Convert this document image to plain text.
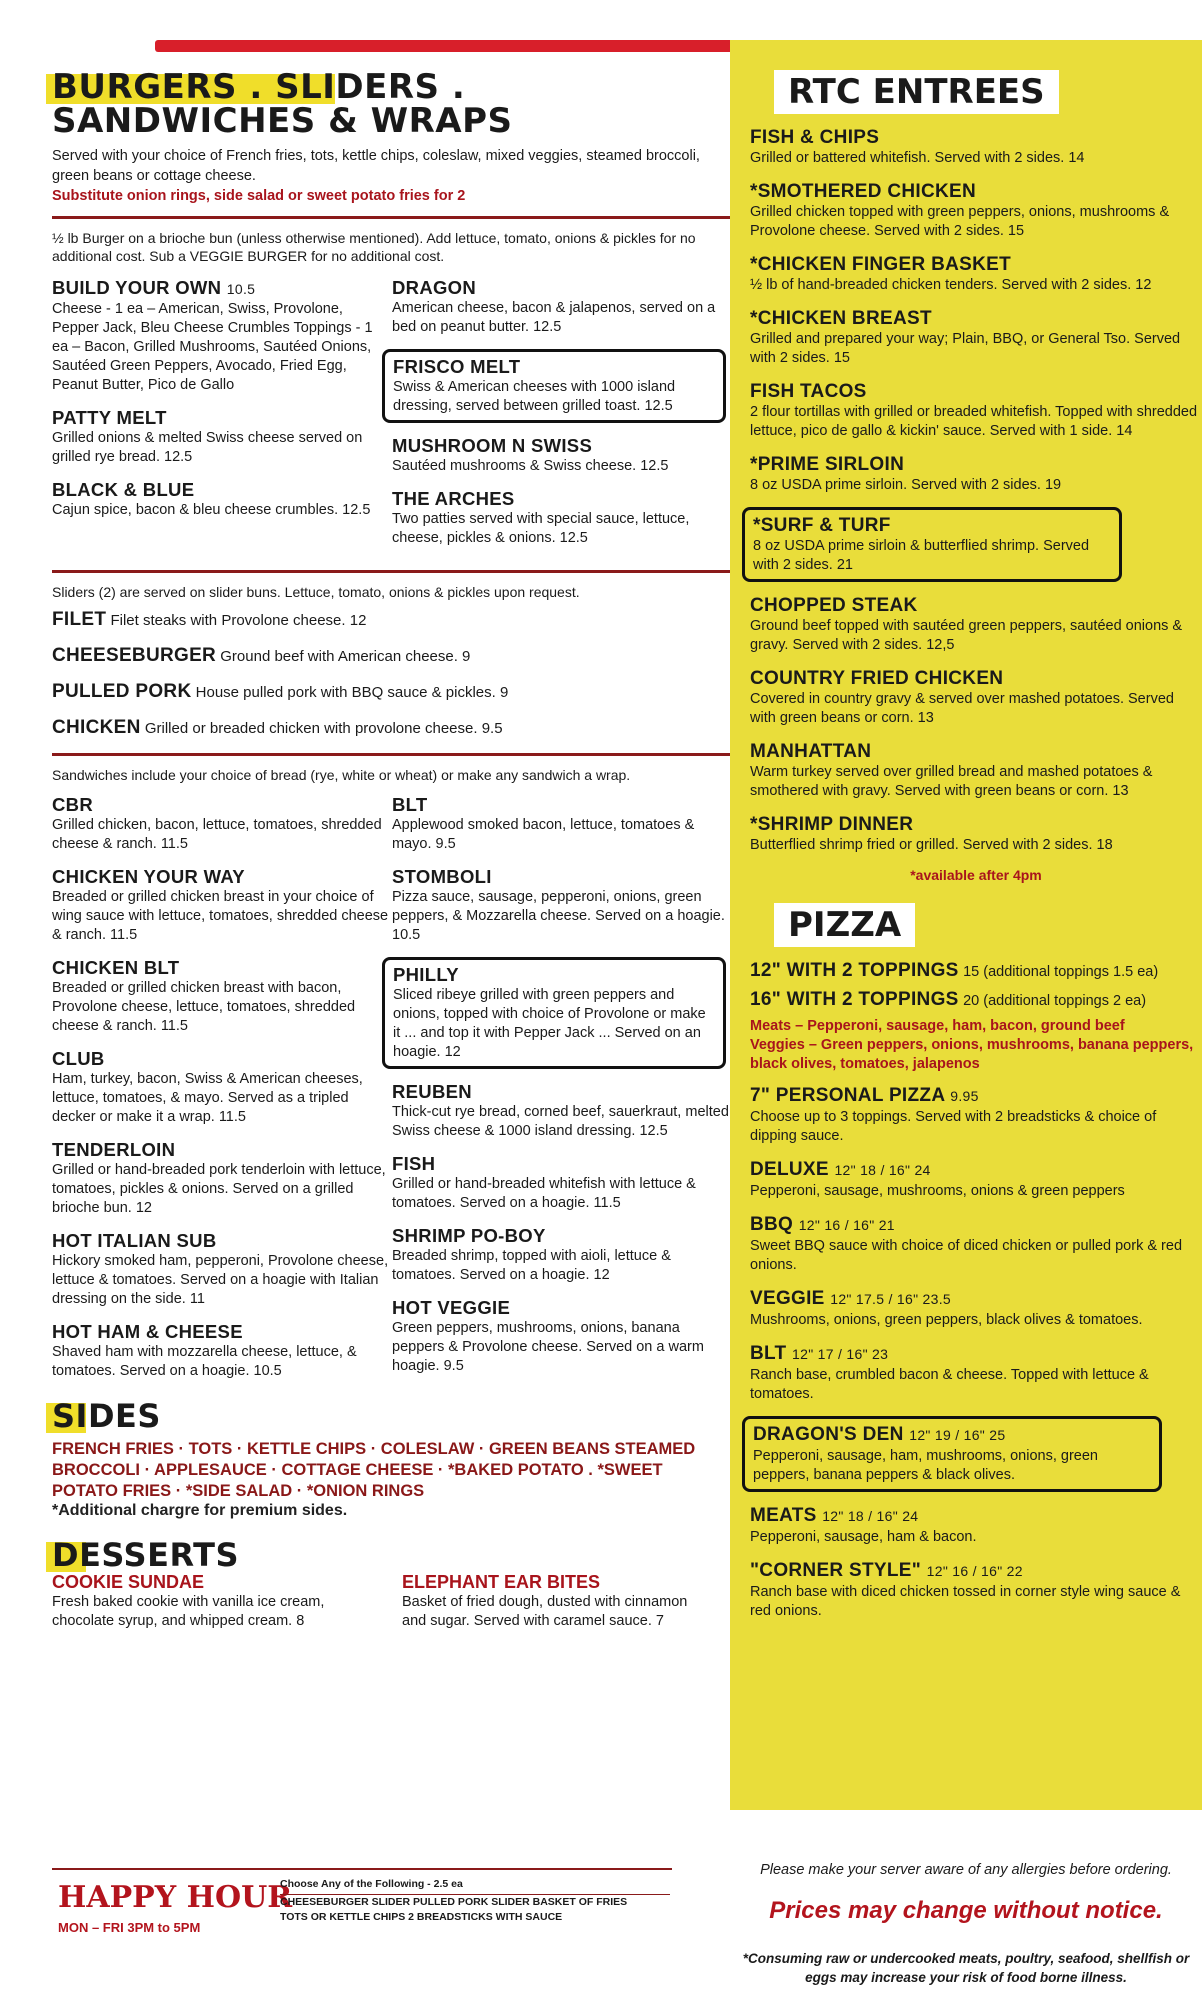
BURGERS . SLIDERS .
SANDWICHES & WRAPS

Served with your choice of French fries, tots, kettle chips, coleslaw, mixed veggies, steamed broccoli, green beans or cottage cheese.
Substitute onion rings, side salad or sweet potato fries for 2

½ lb Burger on a brioche bun (unless otherwise mentioned). Add lettuce, tomato, onions & pickles for no additional cost. Sub a VEGGIE BURGER for no additional cost.

BUILD YOUR OWN 10.5
Cheese - 1 ea – American, Swiss, Provolone, Pepper Jack, Bleu Cheese Crumbles Toppings - 1 ea – Bacon, Grilled Mushrooms, Sautéed Onions, Sautéed Green Peppers, Avocado, Fried Egg, Peanut Butter, Pico de Gallo
PATTY MELT
Grilled onions & melted Swiss cheese served on grilled rye bread. 12.5
BLACK & BLUE
Cajun spice, bacon & bleu cheese crumbles. 12.5
DRAGON
American cheese, bacon & jalapenos, served on a bed on peanut butter. 12.5
FRISCO MELT
Swiss & American cheeses with 1000 island dressing, served between grilled toast. 12.5
MUSHROOM N SWISS
Sautéed mushrooms & Swiss cheese. 12.5
THE ARCHES
Two patties served with special sauce, lettuce, cheese, pickles & onions. 12.5

Sliders (2) are served on slider buns. Lettuce, tomato, onions & pickles upon request.

FILET Filet steaks with Provolone cheese. 12
CHEESEBURGER Ground beef with American cheese. 9
PULLED PORK House pulled pork with BBQ sauce & pickles. 9
CHICKEN Grilled or breaded chicken with provolone cheese. 9.5

Sandwiches include your choice of bread (rye, white or wheat) or make any sandwich a wrap.

CBR
Grilled chicken, bacon, lettuce, tomatoes, shredded cheese & ranch. 11.5
CHICKEN YOUR WAY
Breaded or grilled chicken breast in your choice of wing sauce with lettuce, tomatoes, shredded cheese & ranch. 11.5
CHICKEN BLT
Breaded or grilled chicken breast with bacon, Provolone cheese, lettuce, tomatoes, shredded cheese & ranch. 11.5
CLUB
Ham, turkey, bacon, Swiss & American cheeses, lettuce, tomatoes, & mayo. Served as a tripled decker or make it a wrap. 11.5
TENDERLOIN
Grilled or hand-breaded pork tenderloin with lettuce, tomatoes, pickles & onions. Served on a grilled brioche bun. 12
HOT ITALIAN SUB
Hickory smoked ham, pepperoni, Provolone cheese, lettuce & tomatoes. Served on a hoagie with Italian dressing on the side. 11
HOT HAM & CHEESE
Shaved ham with mozzarella cheese, lettuce, & tomatoes. Served on a hoagie. 10.5
BLT
Applewood smoked bacon, lettuce, tomatoes & mayo. 9.5
STOMBOLI
Pizza sauce, sausage, pepperoni, onions, green peppers, & Mozzarella cheese. Served on a hoagie. 10.5
PHILLY
Sliced ribeye grilled with green peppers and onions, topped with choice of Provolone or make it ... and top it with Pepper Jack ... Served on an hoagie. 12
REUBEN
Thick-cut rye bread, corned beef, sauerkraut, melted Swiss cheese & 1000 island dressing. 12.5
FISH
Grilled or hand-breaded whitefish with lettuce & tomatoes. Served on a hoagie. 11.5
SHRIMP PO-BOY
Breaded shrimp, topped with aioli, lettuce & tomatoes. Served on a hoagie. 12
HOT VEGGIE
Green peppers, mushrooms, onions, banana peppers & Provolone cheese. Served on a warm hoagie. 9.5
SIDES
FRENCH FRIES · TOTS · KETTLE CHIPS · COLESLAW · GREEN BEANS STEAMED BROCCOLI · APPLESAUCE · COTTAGE CHEESE · *BAKED POTATO . *SWEET POTATO FRIES · *SIDE SALAD · *ONION RINGS
*Additional chargre for premium sides.
DESSERTS
COOKIE SUNDAE
Fresh baked cookie with vanilla ice cream, chocolate syrup, and whipped cream. 8
ELEPHANT EAR BITES
Basket of fried dough, dusted with cinnamon and sugar. Served with caramel sauce. 7
HAPPY HOUR
MON – FRI 3PM to 5PM
Choose Any of the Following - 2.5 ea
CHEESEBURGER SLIDER PULLED PORK SLIDER BASKET OF FRIES
TOTS OR KETTLE CHIPS 2 BREADSTICKS WITH SAUCE
RTC ENTREES
FISH & CHIPS
Grilled or battered whitefish. Served with 2 sides. 14
*SMOTHERED CHICKEN
Grilled chicken topped with green peppers, onions, mushrooms & Provolone cheese. Served with 2 sides. 15
*CHICKEN FINGER BASKET
½ lb of hand-breaded chicken tenders. Served with 2 sides. 12
*CHICKEN BREAST
Grilled and prepared your way; Plain, BBQ, or General Tso. Served with 2 sides. 15
FISH TACOS
2 flour tortillas with grilled or breaded whitefish. Topped with shredded lettuce, pico de gallo & kickin' sauce. Served with 1 side. 14
*PRIME SIRLOIN
8 oz USDA prime sirloin. Served with 2 sides. 19
*SURF & TURF
8 oz USDA prime sirloin & butterflied shrimp. Served with 2 sides. 21
CHOPPED STEAK
Ground beef topped with sautéed green peppers, sautéed onions & gravy. Served with 2 sides. 12,5
COUNTRY FRIED CHICKEN
Covered in country gravy & served over mashed potatoes. Served with green beans or corn. 13
MANHATTAN
Warm turkey served over grilled bread and mashed potatoes & smothered with gravy. Served with green beans or corn. 13
*SHRIMP DINNER
Butterflied shrimp fried or grilled. Served with 2 sides. 18
*available after 4pm
PIZZA
12" WITH 2 TOPPINGS 15 (additional toppings 1.5 ea)
16" WITH 2 TOPPINGS 20 (additional toppings 2 ea)
Meats – Pepperoni, sausage, ham, bacon, ground beef
Veggies – Green peppers, onions, mushrooms, banana peppers, black olives, tomatoes, jalapenos
7" PERSONAL PIZZA 9.95
Choose up to 3 toppings. Served with 2 breadsticks & choice of dipping sauce.
DELUXE 12" 18 / 16" 24
Pepperoni, sausage, mushrooms, onions & green peppers
BBQ 12" 16 / 16" 21
Sweet BBQ sauce with choice of diced chicken or pulled pork & red onions.
VEGGIE 12" 17.5 / 16" 23.5
Mushrooms, onions, green peppers, black olives & tomatoes.
BLT 12" 17 / 16" 23
Ranch base, crumbled bacon & cheese. Topped with lettuce & tomatoes.
DRAGON'S DEN 12" 19 / 16" 25
Pepperoni, sausage, ham, mushrooms, onions, green peppers, banana peppers & black olives.
MEATS 12" 18 / 16" 24
Pepperoni, sausage, ham & bacon.
"CORNER STYLE" 12" 16 / 16" 22
Ranch base with diced chicken tossed in corner style wing sauce & red onions.
Please make your server aware of any allergies before ordering.
Prices may change without notice.
*Consuming raw or undercooked meats, poultry, seafood, shellfish or eggs may increase your risk of food borne illness.
